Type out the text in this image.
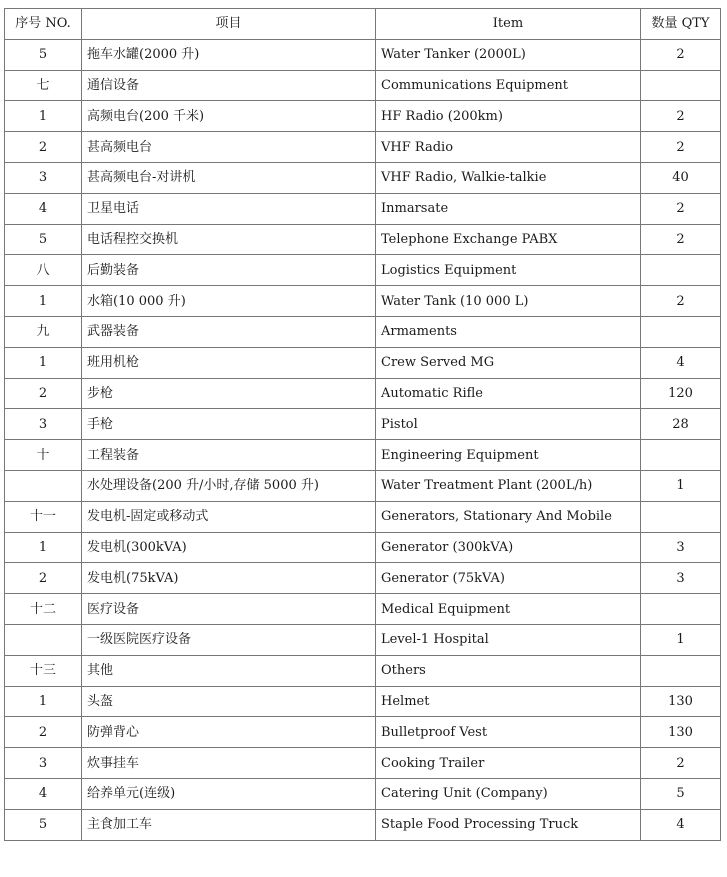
序号 NO.	项目	Item	数量 QTY
5	拖车水罐(2000 升)	Water Tanker (2000L)	2
七	通信设备	Communications Equipment	
1	高频电台(200 千米)	HF Radio (200km)	2
2	甚高频电台	VHF Radio	2
3	甚高频电台-对讲机	VHF Radio, Walkie-talkie	40
4	卫星电话	Inmarsate	2
5	电话程控交换机	Telephone Exchange PABX	2
八	后勤装备	Logistics Equipment	
1	水箱(10 000 升)	Water Tank (10 000 L)	2
九	武器装备	Armaments	
1	班用机枪	Crew Served MG	4
2	步枪	Automatic Rifle	120
3	手枪	Pistol	28
十	工程装备	Engineering Equipment	
	水处理设备(200 升/小时,存储 5000 升)	Water Treatment Plant (200L/h)	1
十一	发电机-固定或移动式	Generators, Stationary And Mobile	
1	发电机(300kVA)	Generator (300kVA)	3
2	发电机(75kVA)	Generator (75kVA)	3
十二	医疗设备	Medical Equipment	
	一级医院医疗设备	Level-1 Hospital	1
十三	其他	Others	
1	头盔	Helmet	130
2	防弹背心	Bulletproof Vest	130
3	炊事挂车	Cooking Trailer	2
4	给养单元(连级)	Catering Unit (Company)	5
5	主食加工车	Staple Food Processing Truck	4
